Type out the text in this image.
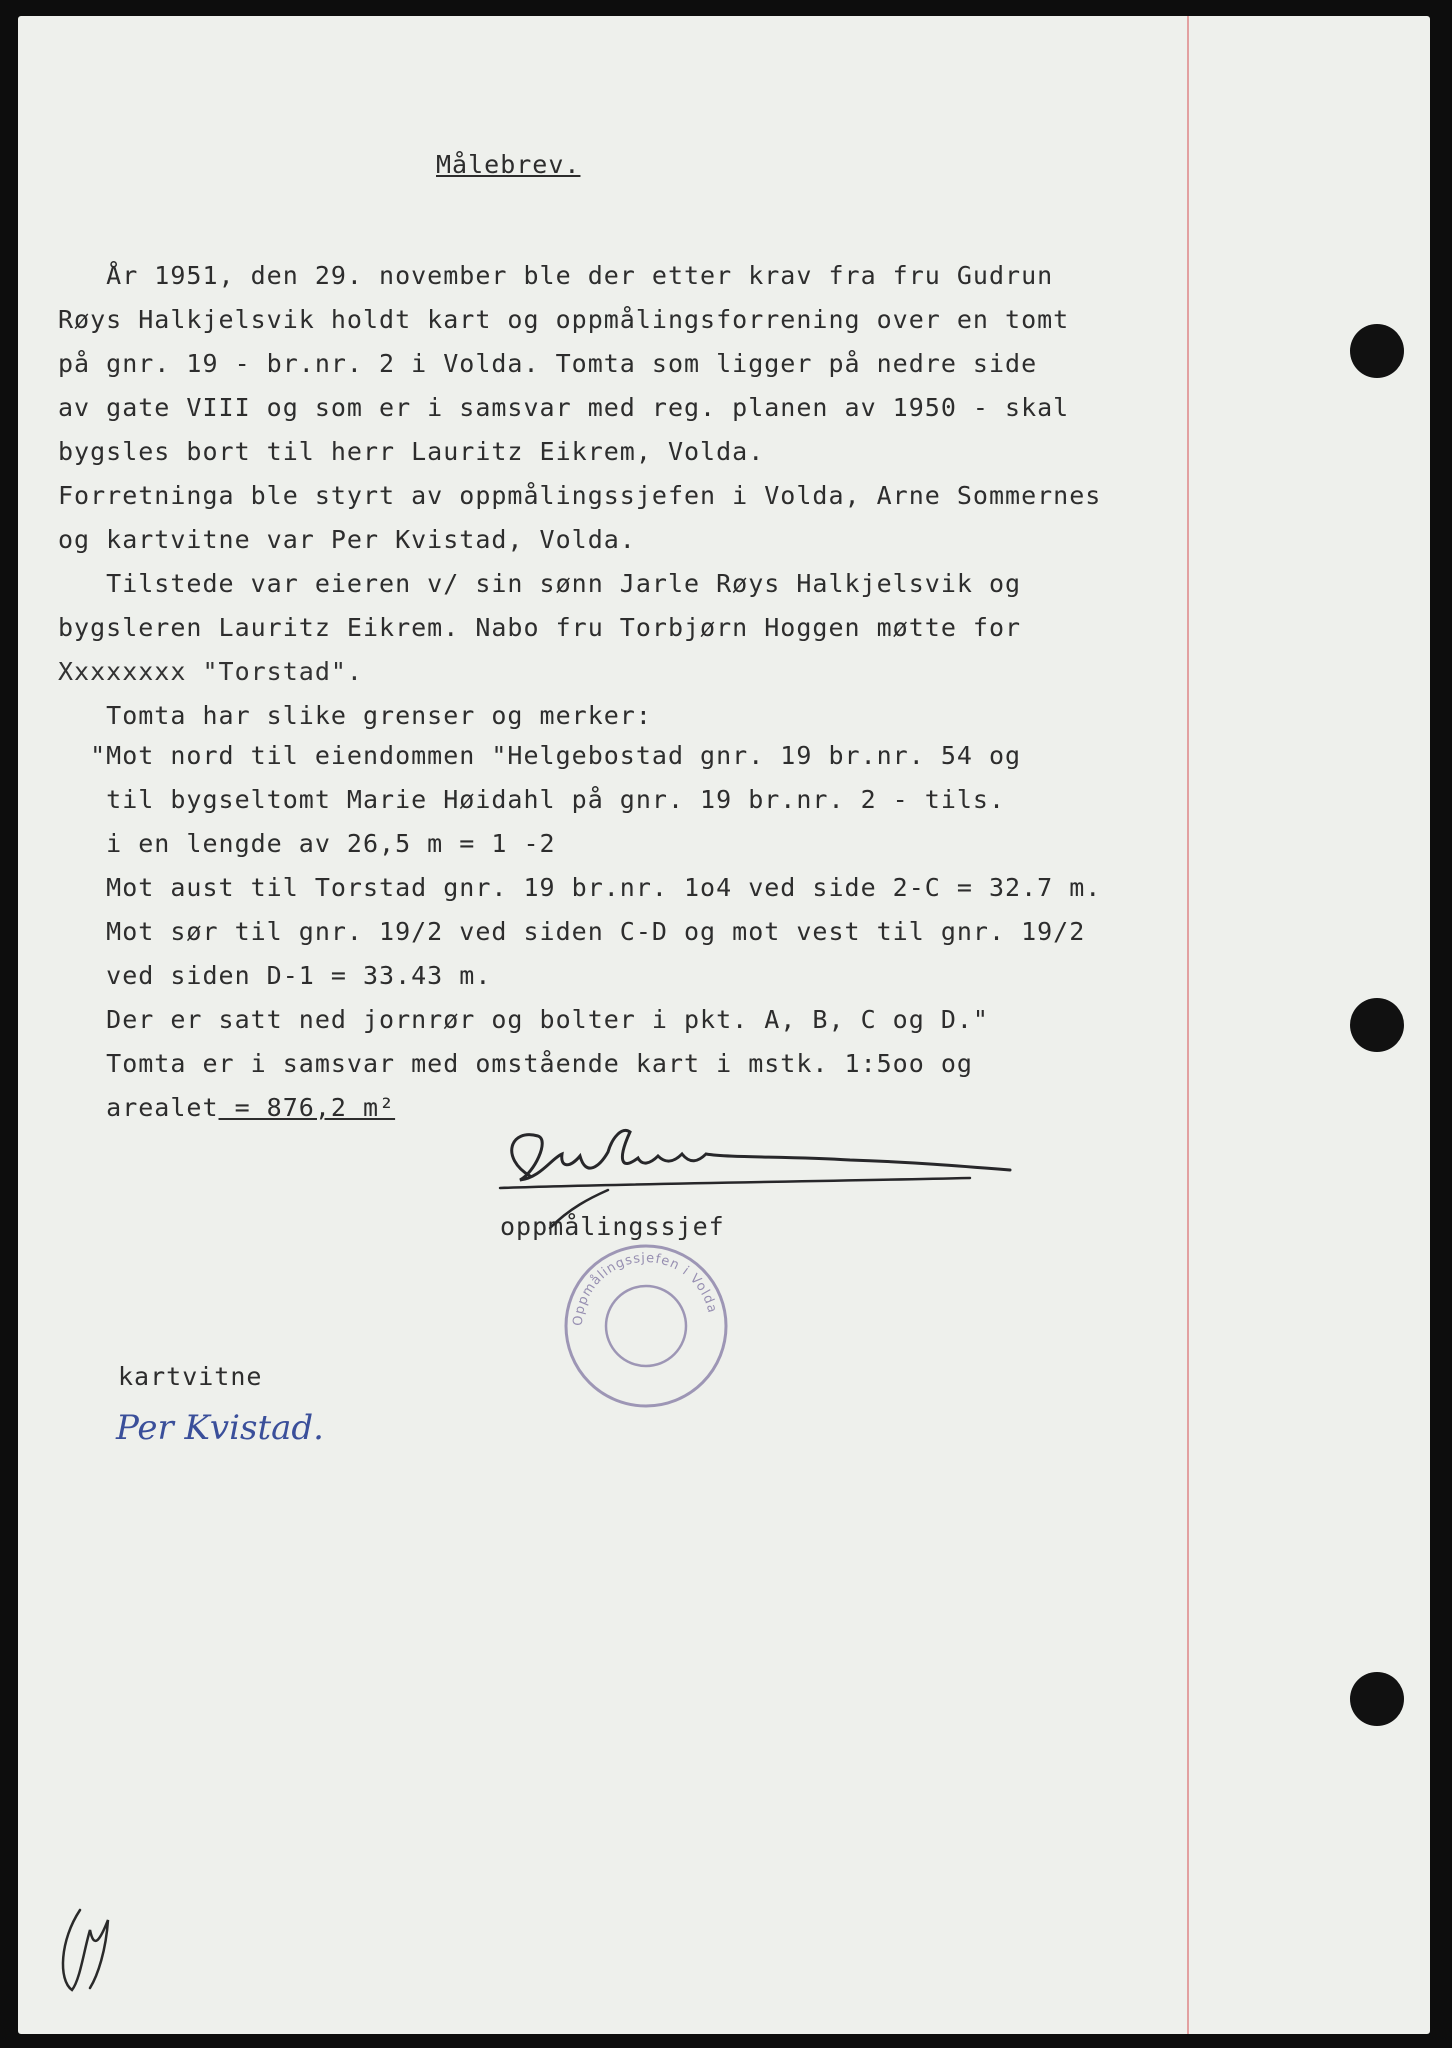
Målebrev.
År 1951, den 29. november ble der etter krav fra fru Gudrun
Røys Halkjelsvik holdt kart og oppmålingsforrening over en tomt
på gnr. 19 - br.nr. 2 i Volda. Tomta som ligger på nedre side
av gate VIII og som er i samsvar med reg. planen av 1950 - skal
bygsles bort til herr Lauritz Eikrem, Volda.
Forretninga ble styrt av oppmålingssjefen i Volda, Arne Sommernes
og kartvitne var Per Kvistad, Volda.
Tilstede var eieren v/ sin sønn Jarle Røys Halkjelsvik og
bygsleren Lauritz Eikrem. Nabo fru Torbjørn Hoggen møtte for
Xxxxxxxx "Torstad".
Tomta har slike grenser og merker:
"Mot nord til eiendommen "Helgebostad gnr. 19 br.nr. 54 og
til bygseltomt Marie Høidahl på gnr. 19 br.nr. 2 - tils.
i en lengde av 26,5 m = 1 -2
Mot aust til Torstad gnr. 19 br.nr. 1o4 ved side 2-C = 32.7 m.
Mot sør til gnr. 19/2 ved siden C-D og mot vest til gnr. 19/2
ved siden D-1 = 33.43 m.
Der er satt ned jornrør og bolter i pkt. A, B, C og D."
Tomta er i samsvar med omstående kart i mstk. 1:5oo og
arealet = 876,2 m²
oppmålingssjef
Oppmålingssjefen i Volda
kartvitne
Per Kvistad.
